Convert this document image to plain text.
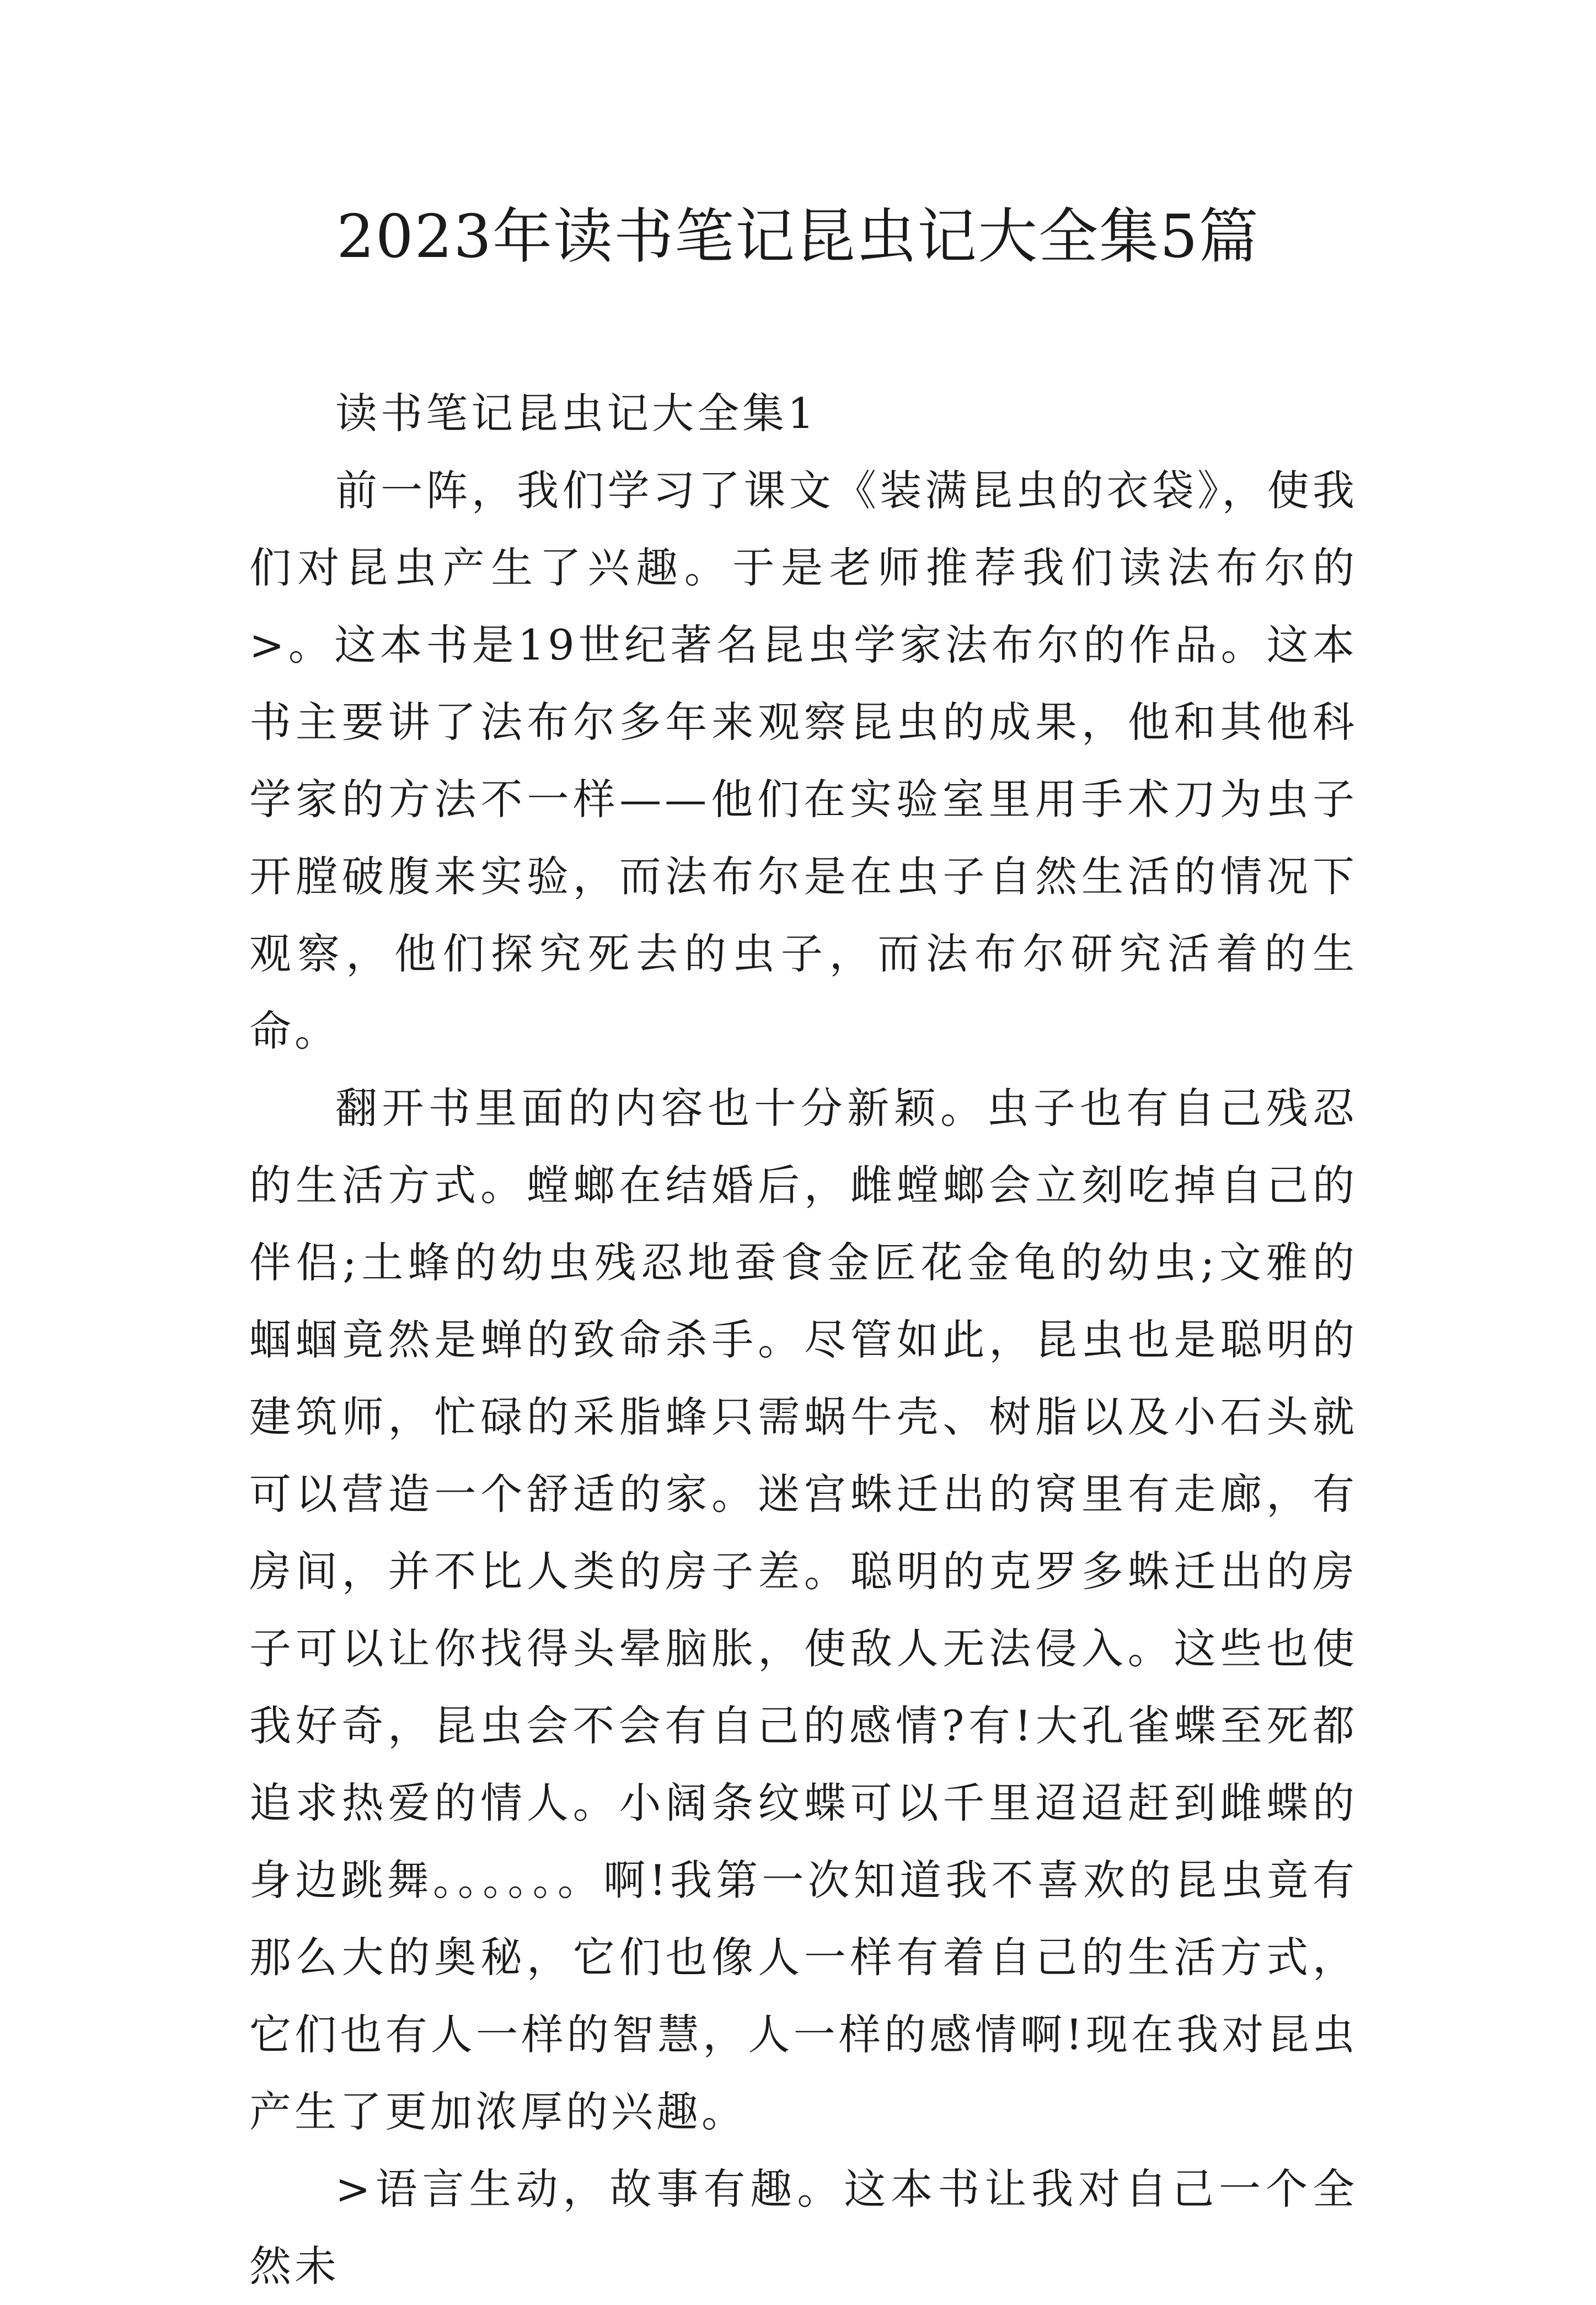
2023年读书笔记昆虫记大全集5篇

读书笔记昆虫记大全集1

前一阵，我们学习了课文《装满昆虫的衣袋》，使我们对昆虫产生了兴趣。于是老师推荐我们读法布尔的>。这本书是19世纪著名昆虫学家法布尔的作品。这本书主要讲了法布尔多年来观察昆虫的成果，他和其他科学家的方法不一样——他们在实验室里用手术刀为虫子开膛破腹来实验，而法布尔是在虫子自然生活的情况下观察，他们探究死去的虫子，而法布尔研究活着的生命。

翻开书里面的内容也十分新颖。虫子也有自己残忍的生活方式。螳螂在结婚后，雌螳螂会立刻吃掉自己的伴侣;土蜂的幼虫残忍地蚕食金匠花金龟的幼虫;文雅的蝈蝈竟然是蝉的致命杀手。尽管如此，昆虫也是聪明的建筑师，忙碌的采脂蜂只需蜗牛壳、树脂以及小石头就可以营造一个舒适的家。迷宫蛛迁出的窝里有走廊，有房间，并不比人类的房子差。聪明的克罗多蛛迁出的房子可以让你找得头晕脑胀，使敌人无法侵入。这些也使我好奇，昆虫会不会有自己的感情?有!大孔雀蝶至死都追求热爱的情人。小阔条纹蝶可以千里迢迢赶到雌蝶的身边跳舞。。。。。。啊!我第一次知道我不喜欢的昆虫竟有那么大的奥秘，它们也像人一样有着自己的生活方式，它们也有人一样的智慧，人一样的感情啊!现在我对昆虫产生了更加浓厚的兴趣。

>语言生动，故事有趣。这本书让我对自己一个全然未
